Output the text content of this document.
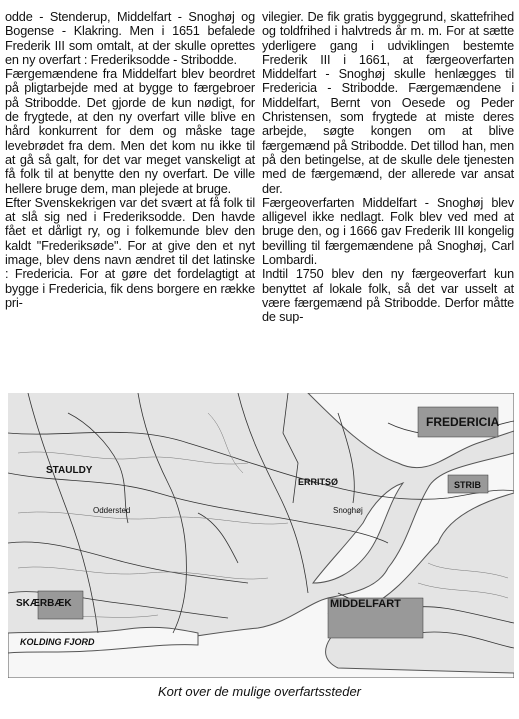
odde - Stenderup, Middelfart - Snoghøj og Bogense - Klakring. Men i 1651 befalede Frederik III som omtalt, at der skulle oprettes en ny overfart : Frederiksodde - Stribodde.

Færgemændene fra Middelfart blev beordret på pligtarbejde med at bygge to færgebroer på Stribodde. Det gjorde de kun nødigt, for de frygtede, at den ny overfart ville blive en hård konkurrent for dem og måske tage levebrødet fra dem. Men det kom nu ikke til at gå så galt, for det var meget vanskeligt at få folk til at benytte den ny overfart. De ville hellere bruge dem, man plejede at bruge.

Efter Svenskekrigen var det svært at få folk til at slå sig ned i Frederiksodde. Den havde fået et dårligt ry, og i folkemunde blev den kaldt "Frederiksøde". For at give den et nyt image, blev dens navn ændret til det latinske : Fredericia. For at gøre det fordelagtigt at bygge i Fredericia, fik dens borgere en række pri-

vilegier. De fik gratis byggegrund, skattefrihed og toldfrihed i halvtreds år m. m. For at sætte yderligere gang i udviklingen bestemte Frederik III i 1661, at færgeoverfarten Middelfart - Snoghøj skulle henlægges til Fredericia - Stribodde. Færgemændene i Middelfart, Bernt von Oesede og Peder Christensen, som frygtede at miste deres arbejde, søgte kongen om at blive færgemænd på Stribodde. Det tillod han, men på den betingelse, at de skulle dele tjenesten med de færgemænd, der allerede var ansat der.

Færgeoverfarten Middelfart - Snoghøj blev alligevel ikke nedlagt. Folk blev ved med at bruge den, og i 1666 gav Frederik III kongelig bevilling til færgemændene på Snoghøj, Carl Lombardi.

Indtil 1750 blev den ny færgeoverfart kun benyttet af lokale folk, så det var usselt at være færgemænd på Stribodde. Derfor måtte de sup-

FREDERICIA
MIDDELFART
STRIB
STAULDY
SKÆRBÆK
ERRITSØ
KOLDING FJORD
Oddersted	Snoghøj
Kort over de mulige overfartssteder
